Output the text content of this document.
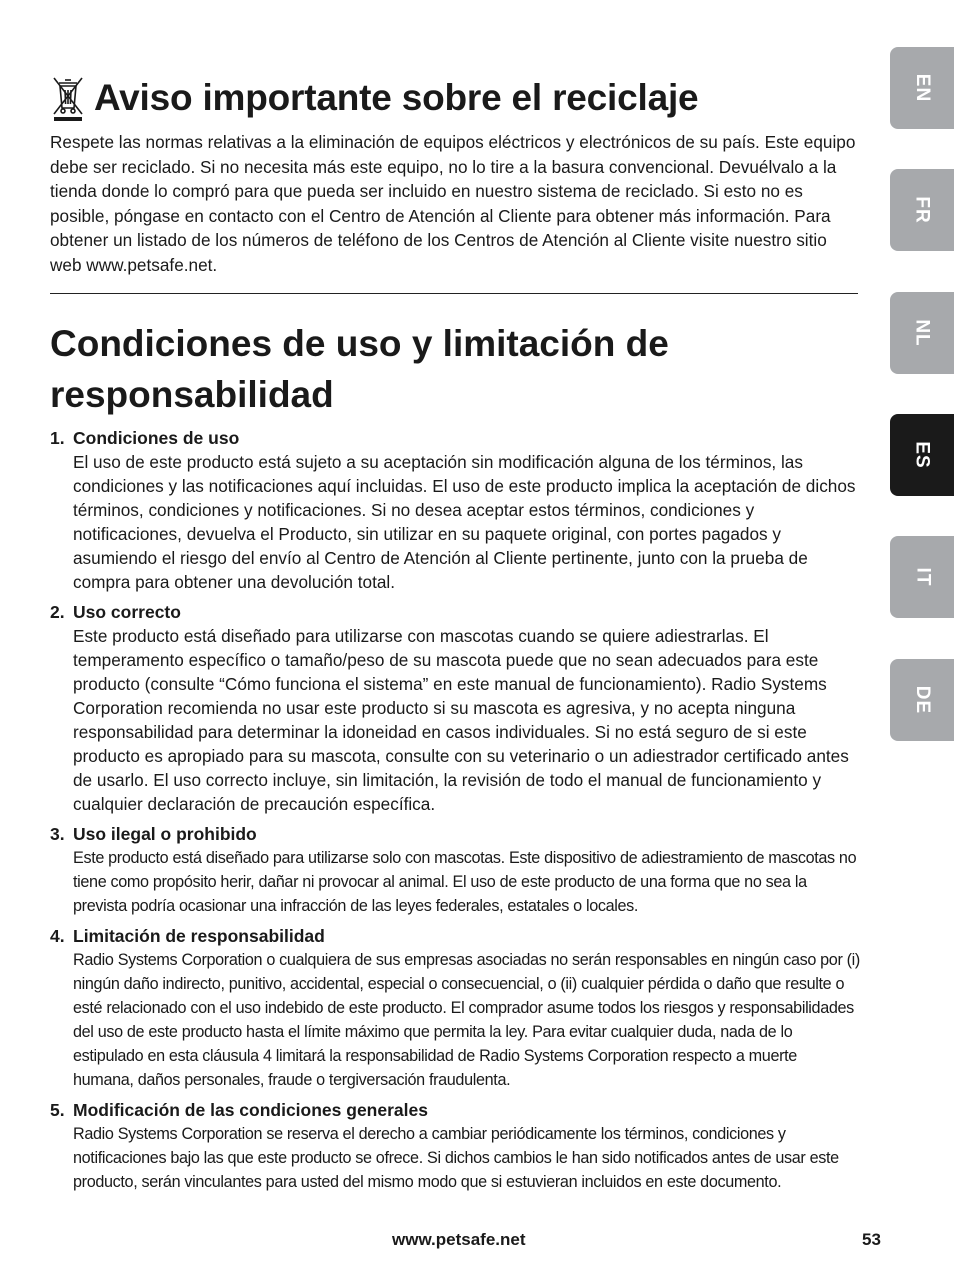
Aviso importante sobre el reciclaje

Respete las normas relativas a la eliminación de equipos eléctricos y electrónicos de su país. Este equipo debe ser reciclado. Si no necesita más este equipo, no lo tire a la basura convencional. Devuélvalo a la tienda donde lo compró para que pueda ser incluido en nuestro sistema de reciclado. Si esto no es posible, póngase en contacto con el Centro de Atención al Cliente para obtener más información. Para obtener un listado de los números de teléfono de los Centros de Atención al Cliente visite nuestro sitio web www.petsafe.net.

Condiciones de uso y limitación de responsabilidad

1. Condiciones de uso

El uso de este producto está sujeto a su aceptación sin modificación alguna de los términos, las condiciones y las notificaciones aquí incluidas. El uso de este producto implica la aceptación de dichos términos, condiciones y notificaciones. Si no desea aceptar estos términos, condiciones y notificaciones, devuelva el Producto, sin utilizar en su paquete original, con portes pagados y asumiendo el riesgo del envío al Centro de Atención al Cliente pertinente, junto con la prueba de compra para obtener una devolución total.

2. Uso correcto

Este producto está diseñado para utilizarse con mascotas cuando se quiere adiestrarlas. El temperamento específico o tamaño/peso de su mascota puede que no sean adecuados para este producto (consulte “Cómo funciona el sistema” en este manual de funcionamiento). Radio Systems Corporation recomienda no usar este producto si su mascota es agresiva, y no acepta ninguna responsabilidad para determinar la idoneidad en casos individuales. Si no está seguro de si este producto es apropiado para su mascota, consulte con su veterinario o un adiestrador certificado antes de usarlo. El uso correcto incluye, sin limitación, la revisión de todo el manual de funcionamiento y cualquier declaración de precaución específica.

3. Uso ilegal o prohibido

Este producto está diseñado para utilizarse solo con mascotas. Este dispositivo de adiestramiento de mascotas no tiene como propósito herir, dañar ni provocar al animal. El uso de este producto de una forma que no sea la prevista podría ocasionar una infracción de las leyes federales, estatales o locales.

4. Limitación de responsabilidad

Radio Systems Corporation o cualquiera de sus empresas asociadas no serán responsables en ningún caso por (i) ningún daño indirecto, punitivo, accidental, especial o consecuencial, o (ii) cualquier pérdida o daño que resulte o esté relacionado con el uso indebido de este producto. El comprador asume todos los riesgos y responsabilidades del uso de este producto hasta el límite máximo que permita la ley. Para evitar cualquier duda, nada de lo estipulado en esta cláusula 4 limitará la responsabilidad de Radio Systems Corporation respecto a muerte humana, daños personales, fraude o tergiversación fraudulenta.

5. Modificación de las condiciones generales

Radio Systems Corporation se reserva el derecho a cambiar periódicamente los términos, condiciones y notificaciones bajo las que este producto se ofrece. Si dichos cambios le han sido notificados antes de usar este producto, serán vinculantes para usted del mismo modo que si estuvieran incluidos en este documento.

EN
FR
NL
ES
IT
DE
www.petsafe.net	53
